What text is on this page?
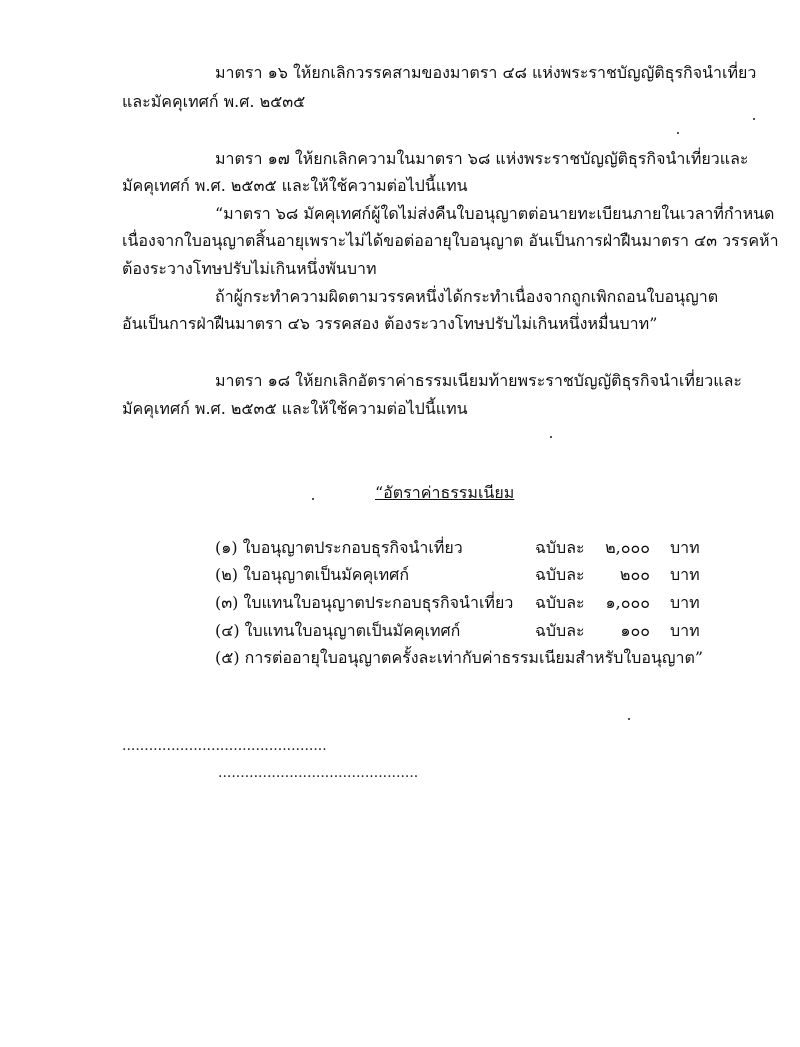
มาตรา ๑๖ ให้ยกเลิกวรรคสามของมาตรา ๔๘ แห่งพระราชบัญญัติธุรกิจนำเที่ยว
และมัคคุเทศก์ พ.ศ. ๒๕๓๕
มาตรา ๑๗ ให้ยกเลิกความในมาตรา ๖๘ แห่งพระราชบัญญัติธุรกิจนำเที่ยวและ
มัคคุเทศก์ พ.ศ. ๒๕๓๕ และให้ใช้ความต่อไปนี้แทน
“มาตรา ๖๘ มัคคุเทศก์ผู้ใดไม่ส่งคืนใบอนุญาตต่อนายทะเบียนภายในเวลาที่กำหนด
เนื่องจากใบอนุญาตสิ้นอายุเพราะไม่ได้ขอต่ออายุใบอนุญาต อันเป็นการฝ่าฝืนมาตรา ๔๓ วรรคห้า
ต้องระวางโทษปรับไม่เกินหนึ่งพันบาท
ถ้าผู้กระทำความผิดตามวรรคหนึ่งได้กระทำเนื่องจากถูกเพิกถอนใบอนุญาต
อันเป็นการฝ่าฝืนมาตรา ๔๖ วรรคสอง ต้องระวางโทษปรับไม่เกินหนึ่งหมื่นบาท”
มาตรา ๑๘ ให้ยกเลิกอัตราค่าธรรมเนียมท้ายพระราชบัญญัติธุรกิจนำเที่ยวและ
มัคคุเทศก์ พ.ศ. ๒๕๓๕ และให้ใช้ความต่อไปนี้แทน
“อัตราค่าธรรมเนียม
(๑) ใบอนุญาตประกอบธุรกิจนำเที่ยว	ฉบับละ ๒,๐๐๐ บาท
(๒) ใบอนุญาตเป็นมัคคุเทศก์	ฉบับละ ๒๐๐ บาท
(๓) ใบแทนใบอนุญาตประกอบธุรกิจนำเที่ยว ฉบับละ ๑,๐๐๐ บาท
(๔) ใบแทนใบอนุญาตเป็นมัคคุเทศก์	ฉบับละ ๑๐๐ บาท
(๕) การต่ออายุใบอนุญาตครั้งละเท่ากับค่าธรรมเนียมสำหรับใบอนุญาต”
..............................................
.............................................
